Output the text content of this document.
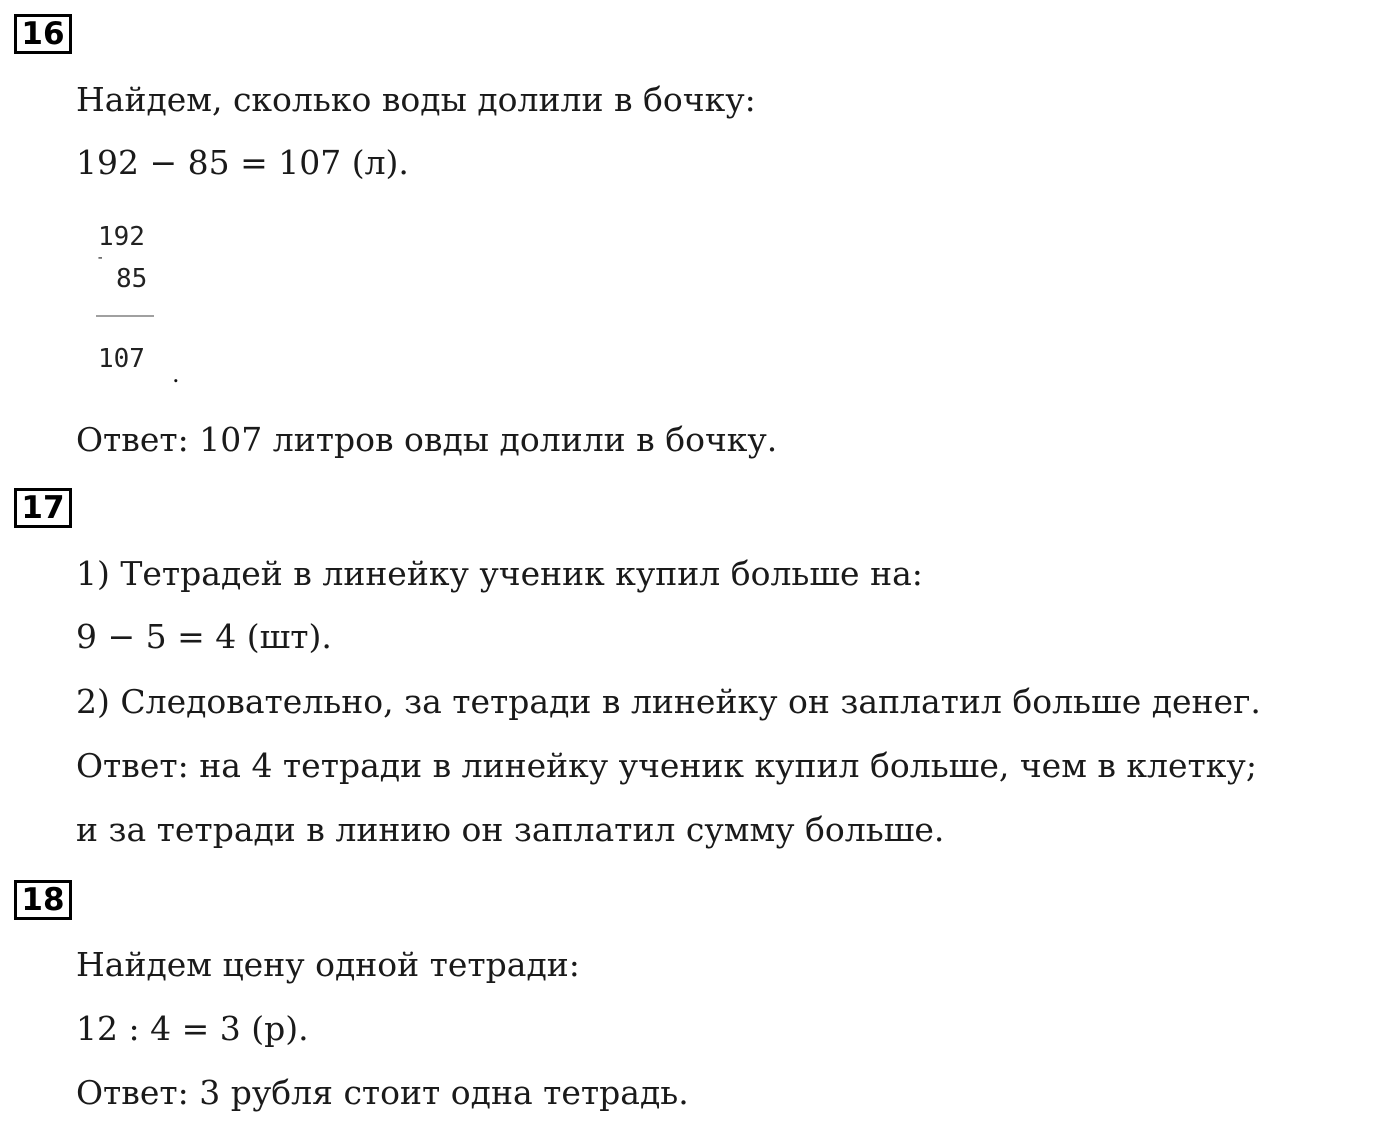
16
Найдем, сколько воды долили в бочку:
192 − 85 = 107 (л).
192
-
85
107 .
Ответ: 107 литров овды долили в бочку.
17
1) Тетрадей в линейку ученик купил больше на:
9 − 5 = 4 (шт).
2) Следовательно, за тетради в линейку он заплатил больше денег.
Ответ: на 4 тетради в линейку ученик купил больше, чем в клетку;
и за тетради в линию он заплатил сумму больше.
18
Найдем цену одной тетради:
12 : 4 = 3 (р).
Ответ: 3 рубля стоит одна тетрадь.
